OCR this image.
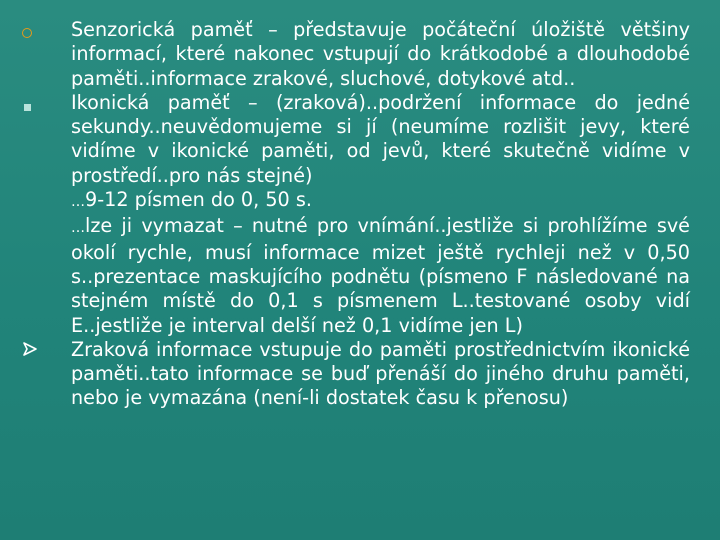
Senzorická paměť – představuje počáteční úložiště většiny informací, které nakonec vstupují do krátkodobé a dlouhodobé paměti..informace zrakové, sluchové, dotykové atd..
Ikonická paměť – (zraková)..podržení informace do jedné sekundy..neuvědomujeme si jí (neumíme rozlišit jevy, které vidíme v ikonické paměti, od jevů, které skutečně vidíme v prostředí..pro nás stejné)
…9-12 písmen do 0, 50 s.
…lze ji vymazat – nutné pro vnímání..jestliže si prohlížíme své okolí rychle, musí informace mizet ještě rychleji než v 0,50 s..prezentace maskujícího podnětu (písmeno F následované na stejném místě do 0,1 s písmenem L..testované osoby vidí E..jestliže je interval delší než 0,1 vidíme jen L)
Zraková informace vstupuje do paměti prostřednictvím ikonické paměti..tato informace se buď přenáší do jiného druhu paměti, nebo je vymazána (není-li dostatek času k přenosu)
